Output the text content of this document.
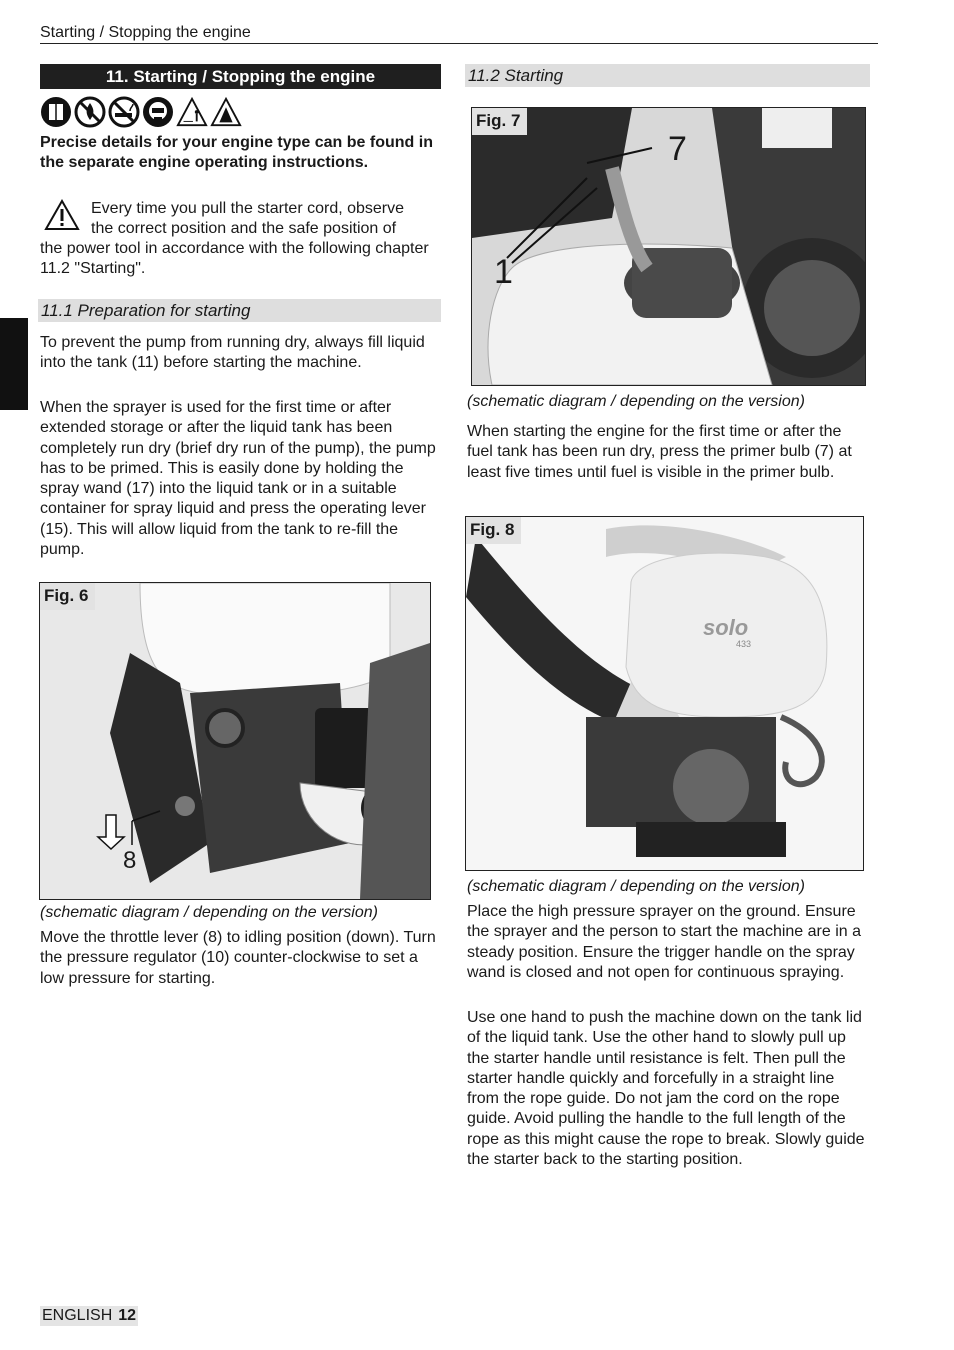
Starting / Stopping the engine
11. Starting / Stopping the engine

Precise details for your engine type can be found in the separate engine operating instructions.

Every time you pull the starter cord, observe

the correct position and the safe position of

the power tool in accordance with the following chapter 11.2 "Starting".

11.1 Preparation for starting

To prevent the pump from running dry, always fill liquid into the tank (11) before starting the machine.

When the sprayer is used for the first time or after extended storage or after the liquid tank has been completely run dry (brief dry run of the pump), the pump has to be primed. This is easily done by holding the spray wand (17) into the liquid tank or in a suitable container for spray liquid and press the operating lever (15). This will allow liquid from the tank to re-fill the pump.

Fig. 6
8
(schematic diagram / depending on the version)

Move the throttle lever (8) to idling position (down). Turn the pressure regulator (10) counter-clockwise to set a low pressure for starting.

11.2 Starting
Fig. 7
7
1
(schematic diagram / depending on the version)

When starting the engine for the first time or after the fuel tank has been run dry, press the primer bulb (7) at least five times until fuel is visible in the primer bulb.

Fig. 8
solo
433
(schematic diagram / depending on the version)

Place the high pressure sprayer on the ground. Ensure the sprayer and the person to start the machine are in a steady position. Ensure the trigger handle on the spray wand is closed and not open for continuous spraying.

Use one hand to push the machine down on the tank lid of the liquid tank. Use the other hand to slowly pull up the starter handle until resistance is felt. Then pull the starter handle quickly and forcefully in a straight line from the rope guide. Do not jam the cord on the rope guide. Avoid pulling the handle to the full length of the rope as this might cause the rope to break. Slowly guide the starter back to the starting position.

ENGLISH 12
